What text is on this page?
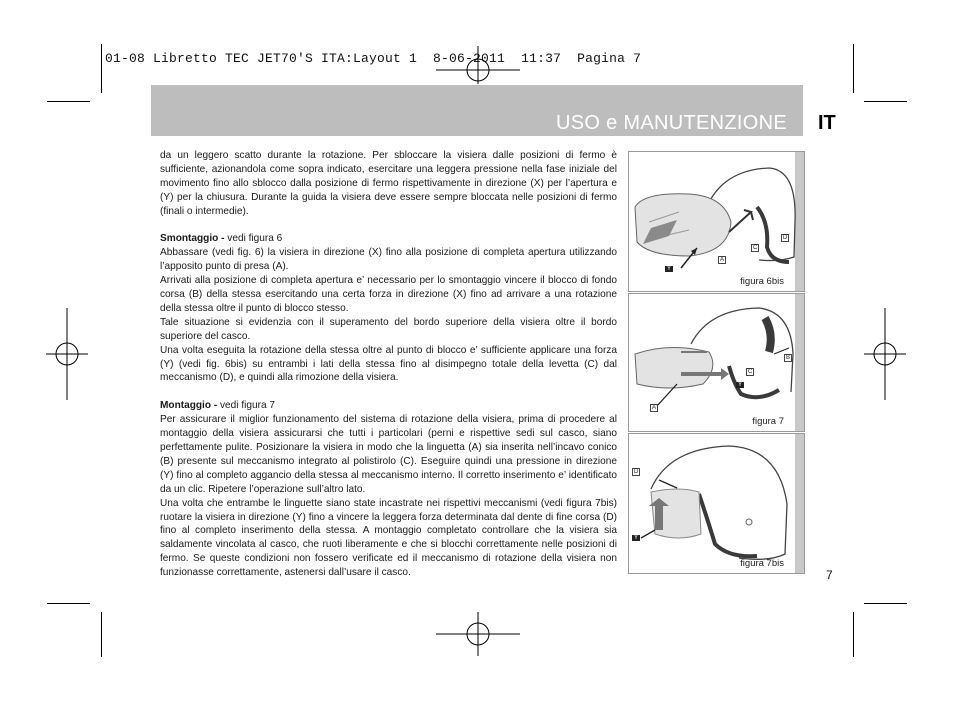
01-08 Libretto TEC JET70'S ITA:Layout 1  8-06-2011  11:37  Pagina 7
USO e MANUTENZIONE IT

da un leggero scatto durante la rotazione. Per sbloccare la visiera dalle posizioni di fermo è sufficiente, azionandola come sopra indicato, esercitare una leggera pressione nella fase iniziale del movimento fino allo sblocco dalla posizione di fermo rispettivamente in direzione (X) per l’apertura e (Y) per la chiusura. Durante la guida la visiera deve essere sempre bloccata nelle posizioni di fermo (finali o intermedie).

Smontaggio - vedi figura 6

Abbassare (vedi fig. 6) la visiera in direzione (X) fino alla posizione di completa apertura utilizzando l’apposito punto di presa (A).

Arrivati alla posizione di completa apertura e’ necessario per lo smontaggio vincere il blocco di fondo corsa (B) della stessa esercitando una certa forza in direzione (X) fino ad arrivare a una rotazione della stessa oltre il punto di blocco stesso.

Tale situazione si evidenzia con il superamento del bordo superiore della visiera oltre il bordo superiore del casco.

Una volta eseguita la rotazione della stessa oltre al punto di blocco e’ sufficiente applicare una forza (Y) (vedi fig. 6bis) su entrambi i lati della stessa fino al disimpegno totale della levetta (C) dal meccanismo (D), e quindi alla rimozione della visiera.

Montaggio - vedi figura 7

Per assicurare il miglior funzionamento del sistema di rotazione della visiera, prima di procedere al montaggio della visiera assicurarsi che tutti i particolari (perni e rispettive sedi sul casco, siano perfettamente pulite. Posizionare la visiera in modo che la linguetta (A) sia inserita nell’incavo conico (B) presente sul meccanismo integrato al polistirolo (C). Eseguire quindi una pressione in direzione (Y) fino al completo aggancio della stessa al meccanismo interno. Il corretto inserimento e’ identificato da un clic. Ripetere l’operazione sull’altro lato.

Una volta che entrambe le linguette siano state incastrate nei rispettivi meccanismi (vedi figura 7bis) ruotare la visiera in direzione (Y) fino a vincere la leggera forza determinata dal dente di fine corsa (D) fino al completo inserimento della stessa. A montaggio completato controllare che la visiera sia saldamente vincolata al casco, che ruoti liberamente e che si blocchi correttamente nelle posizioni di fermo. Se queste condizioni non fossero verificate ed il meccanismo di rotazione della visiera non funzionasse correttamente, astenersi dall’usare il casco.

A
C
D
Y
figura 6bis
A
B
C
Y
figura 7
D
Y
figura 7bis
7
